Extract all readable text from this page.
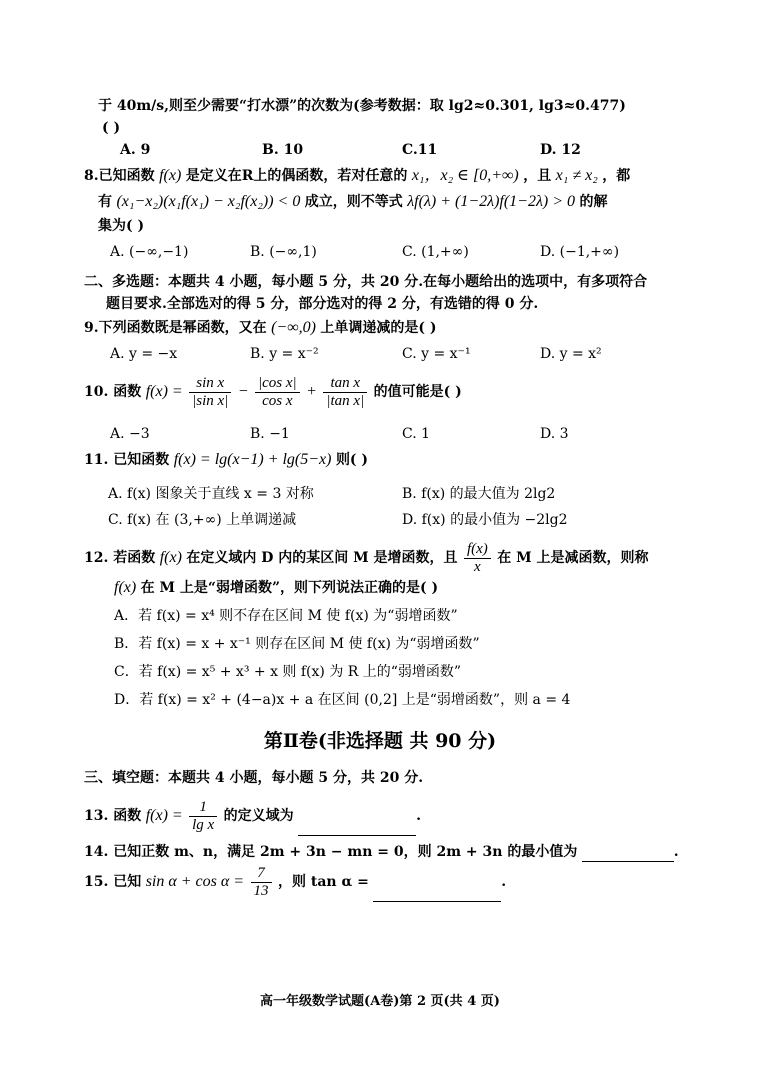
于 40m/s,则至少需要“打水漂”的次数为(参考数据：取 lg2≈0.301, lg3≈0.477)
( )
A. 9	B. 10	C.11	D. 12
8.已知函数 f(x) 是定义在R上的偶函数，若对任意的 x₁，x₂ ∈ [0,+∞) ，且 x₁ ≠ x₂ ，都
有 (x₁−x₂)(x₁f(x₁) − x₂f(x₂)) < 0 成立，则不等式 λf(λ) + (1−2λ)f(1−2λ) > 0 的解
集为( )
A. (−∞,−1)	B. (−∞,1)	C. (1,+∞)	D. (−1,+∞)
二、多选题：本题共 4 小题，每小题 5 分，共 20 分.在每小题给出的选项中，有多项符合
题目要求.全部选对的得 5 分，部分选对的得 2 分，有选错的得 0 分.
9.下列函数既是幂函数，又在 (−∞,0) 上单调递减的是( )
A. y = −x	B. y = x⁻²	C. y = x⁻¹	D. y = x²
10. 函数 $f(x) = \frac{\text{sin x}}{\text{|sin x|}} - \frac{\text{|cos x|}}{\text{cos x}} + \frac{\text{tan x}}{\text{|tan x|}}$ 的值可能是( )
A. −3	B. −1	C. 1	D. 3
11. 已知函数 f(x) = lg(x−1) + lg(5−x) 则( )
A. f(x) 图象关于直线 x = 3 对称	B. f(x) 的最大值为 2lg2
C. f(x) 在 (3,+∞) 上单调递减	D. f(x) 的最小值为 −2lg2
12. 若函数 f(x) 在定义域内 D 内的某区间 M 是增函数，且 $\frac{f(x)}{x}$ 在 M 上是减函数，则称
f(x) 在 M 上是“弱增函数”，则下列说法正确的是( )
A．若 f(x) = x⁴ 则不存在区间 M 使 f(x) 为“弱增函数”
B．若 f(x) = x + x⁻¹ 则存在区间 M 使 f(x) 为“弱增函数”
C．若 f(x) = x⁵ + x³ + x 则 f(x) 为 R 上的“弱增函数”
D．若 f(x) = x² + (4−a)x + a 在区间 (0,2] 上是“弱增函数”，则 a = 4
第Ⅱ卷(非选择题 共 90 分)
三、填空题：本题共 4 小题，每小题 5 分，共 20 分.
13. 函数 $f(x) = \frac{1}{\text{lg x}}$ 的定义域为	.
14. 已知正数 m、n，满足 2m + 3n − mn = 0，则 2m + 3n 的最小值为	.
15. 已知 $\sin \alpha + \cos \alpha = \frac{7}{13}$ ，则 tan α =	.
高一年级数学试题(A卷)第 2 页(共 4 页)
